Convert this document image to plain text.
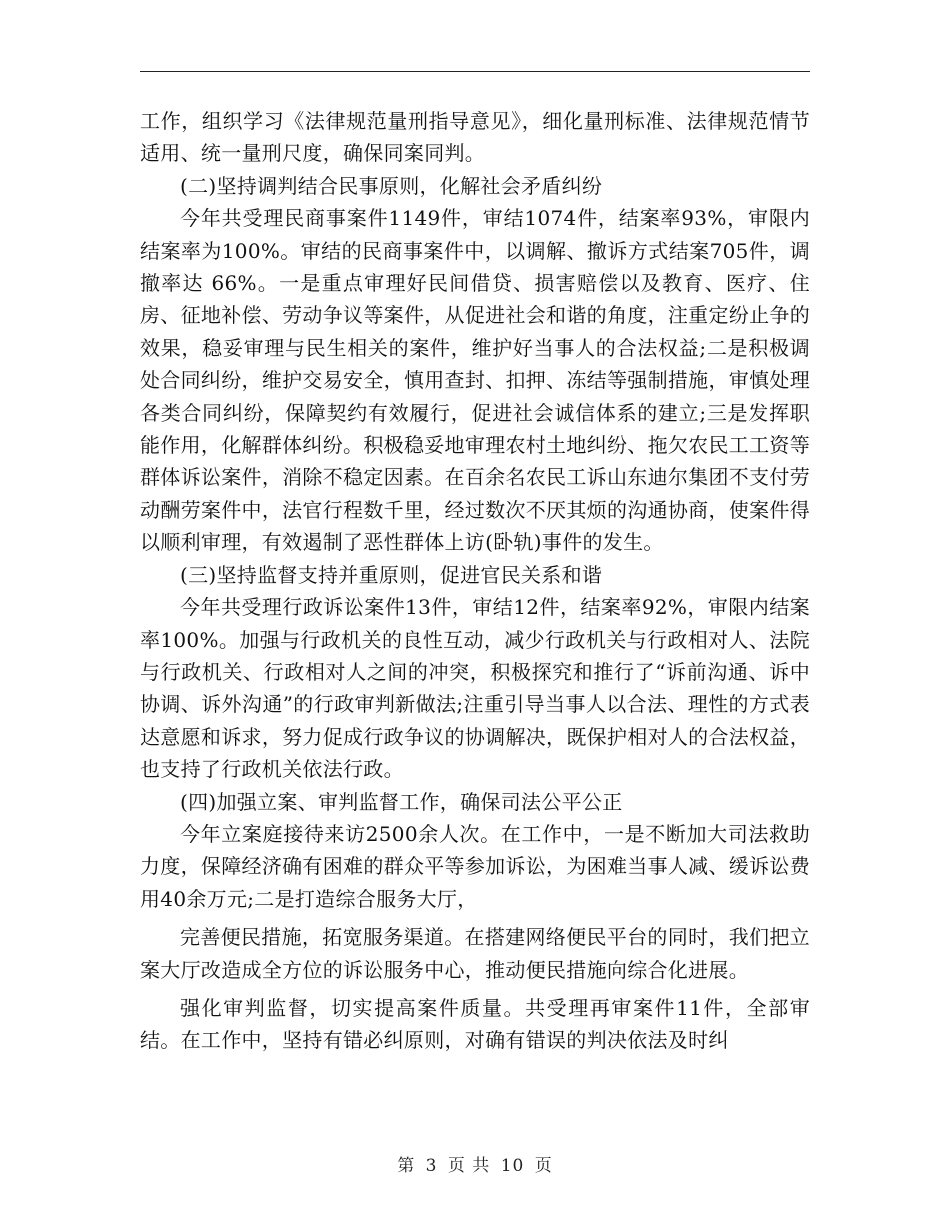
工作，组织学习《法律规范量刑指导意见》，细化量刑标准、法律规范情节适用、统一量刑尺度，确保同案同判。

(二)坚持调判结合民事原则，化解社会矛盾纠纷

今年共受理民商事案件1149件，审结1074件，结案率93%，审限内结案率为100%。审结的民商事案件中，以调解、撤诉方式结案705件，调撤率达 66%。一是重点审理好民间借贷、损害赔偿以及教育、医疗、住房、征地补偿、劳动争议等案件，从促进社会和谐的角度，注重定纷止争的效果，稳妥审理与民生相关的案件，维护好当事人的合法权益;二是积极调处合同纠纷，维护交易安全，慎用查封、扣押、冻结等强制措施，审慎处理各类合同纠纷，保障契约有效履行，促进社会诚信体系的建立;三是发挥职能作用，化解群体纠纷。积极稳妥地审理农村土地纠纷、拖欠农民工工资等群体诉讼案件，消除不稳定因素。在百余名农民工诉山东迪尔集团不支付劳动酬劳案件中，法官行程数千里，经过数次不厌其烦的沟通协商，使案件得以顺利审理，有效遏制了恶性群体上访(卧轨)事件的发生。

(三)坚持监督支持并重原则，促进官民关系和谐

今年共受理行政诉讼案件13件，审结12件，结案率92%，审限内结案率100%。加强与行政机关的良性互动，减少行政机关与行政相对人、法院与行政机关、行政相对人之间的冲突，积极探究和推行了“诉前沟通、诉中协调、诉外沟通”的行政审判新做法;注重引导当事人以合法、理性的方式表达意愿和诉求，努力促成行政争议的协调解决，既保护相对人的合法权益，也支持了行政机关依法行政。

(四)加强立案、审判监督工作，确保司法公平公正

今年立案庭接待来访2500余人次。在工作中，一是不断加大司法救助力度，保障经济确有困难的群众平等参加诉讼，为困难当事人减、缓诉讼费用40余万元;二是打造综合服务大厅，

完善便民措施，拓宽服务渠道。在搭建网络便民平台的同时，我们把立案大厅改造成全方位的诉讼服务中心，推动便民措施向综合化进展。

强化审判监督，切实提高案件质量。共受理再审案件11件，全部审结。在工作中，坚持有错必纠原则，对确有错误的判决依法及时纠

第 3 页 共 10 页
